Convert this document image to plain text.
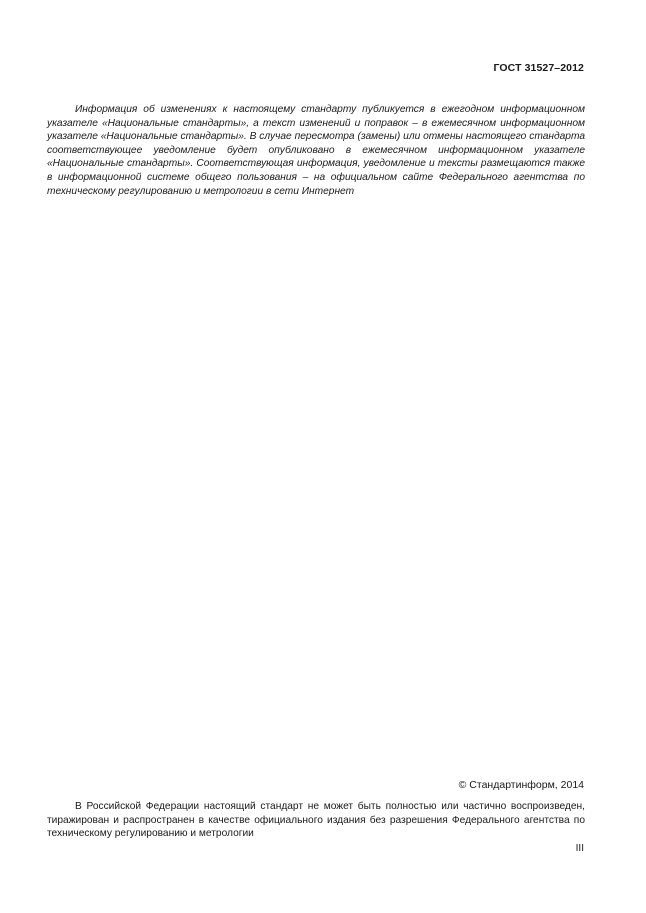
ГОСТ 31527–2012

Информация об изменениях к настоящему стандарту публикуется в ежегодном информационном указателе «Национальные стандарты», а текст изменений и поправок – в ежемесячном информационном указателе «Национальные стандарты». В случае пересмотра (замены) или отмены настоящего стандарта соответствующее уведомление будет опубликовано в ежемесячном информационном указателе «Национальные стандарты». Соответствующая информация, уведомление и тексты размещаются также в информационной системе общего пользования – на официальном сайте Федерального агентства по техническому регулированию и метрологии в сети Интернет

© Стандартинформ, 2014

В Российской Федерации настоящий стандарт не может быть полностью или частично воспроизведен, тиражирован и распространен в качестве официального издания без разрешения Федерального агентства по техническому регулированию и метрологии

III
